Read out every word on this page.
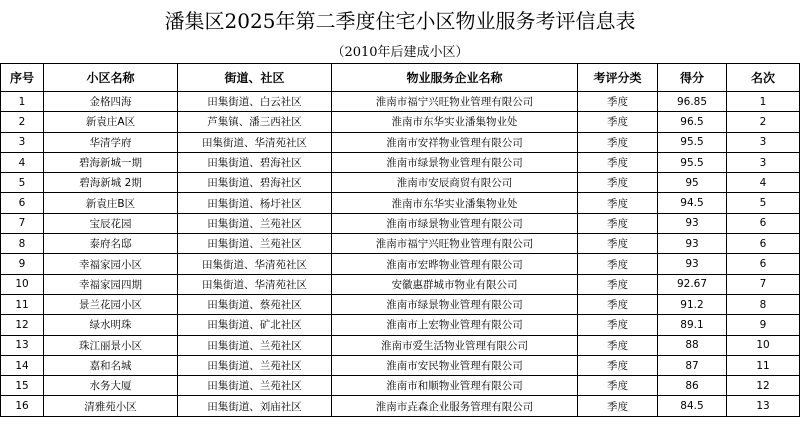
潘集区2025年第二季度住宅小区物业服务考评信息表						
（2010年后建成小区）						
序号	小区名称	街道、社区	物业服务企业名称	考评分类	得分	名次
1	金格四海	田集街道、白云社区	淮南市福宁兴旺物业管理有限公司	季度	96.85	1
2	新袁庄A区	芦集镇、潘三西社区	淮南市东华实业潘集物业处	季度	96.5	2
3	华清学府	田集街道、华清苑社区	淮南市安祥物业管理有限公司	季度	95.5	3
4	碧海新城一期	田集街道、碧海社区	淮南市绿景物业管理有限公司	季度	95.5	3
5	碧海新城 2期	田集街道、碧海社区	淮南市安辰商贸有限公司	季度	95	4
6	新袁庄B区	田集街道、杨圩社区	淮南市东华实业潘集物业处	季度	94.5	5
7	宝辰花园	田集街道、兰苑社区	淮南市绿景物业管理有限公司	季度	93	6
8	泰府名邸	田集街道、兰苑社区	淮南市福宁兴旺物业管理有限公司	季度	93	6
9	幸福家园小区	田集街道、华清苑社区	淮南市宏晔物业管理有限公司	季度	93	6
10	幸福家园四期	田集街道、华清苑社区	安徽惠群城市物业有限公司	季度	92.67	7
11	景兰花园小区	田集街道、蔡苑社区	淮南市绿景物业管理有限公司	季度	91.2	8
12	绿水明珠	田集街道、矿北社区	淮南市上宏物业管理有限公司	季度	89.1	9
13	珠江丽景小区	田集街道、兰苑社区	淮南市爱生活物业管理有限公司	季度	88	10
14	嘉和名城	田集街道、兰苑社区	淮南市安民物业管理有限公司	季度	87	11
15	水务大厦	田集街道、兰苑社区	淮南市和顺物业管理有限公司	季度	86	12
16	清雅苑小区	田集街道、刘庙社区	淮南市垚森企业服务管理有限公司	季度	84.5	13
